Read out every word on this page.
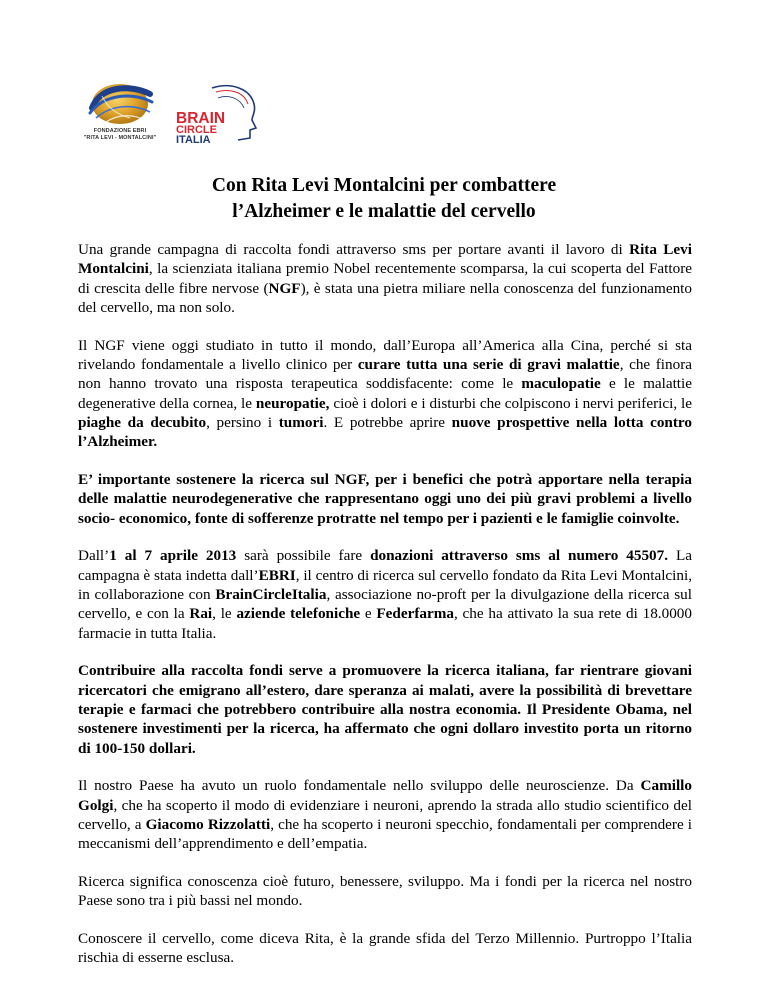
FONDAZIONE EBRI
"RITA LEVI - MONTALCINI"
BRAIN
CIRCLE
ITALIA
Con Rita Levi Montalcini per combattere
l’Alzheimer e le malattie del cervello

Una grande campagna di raccolta fondi attraverso sms per portare avanti il lavoro di Rita Levi Montalcini, la scienziata italiana premio Nobel recentemente scomparsa, la cui scoperta del Fattore di crescita delle fibre nervose (NGF), è stata una pietra miliare nella conoscenza del funzionamento del cervello, ma non solo.

Il NGF viene oggi studiato in tutto il mondo, dall’Europa all’America alla Cina, perché si sta rivelando fondamentale a livello clinico per curare tutta una serie di gravi malattie, che finora non hanno trovato una risposta terapeutica soddisfacente: come le maculopatie e le malattie degenerative della cornea, le neuropatie, cioè i dolori e i disturbi che colpiscono i nervi periferici, le piaghe da decubito, persino i tumori. E potrebbe aprire nuove prospettive nella lotta contro l’Alzheimer.

E’ importante sostenere la ricerca sul NGF, per i benefici che potrà apportare nella terapia delle malattie neurodegenerative che rappresentano oggi uno dei più gravi problemi a livello socio- economico, fonte di sofferenze protratte nel tempo per i pazienti e le famiglie coinvolte.

Dall’1 al 7 aprile 2013 sarà possibile fare donazioni attraverso sms al numero 45507. La campagna è stata indetta dall’EBRI, il centro di ricerca sul cervello fondato da Rita Levi Montalcini, in collaborazione con BrainCircleItalia, associazione no-proft per la divulgazione della ricerca sul cervello, e con la Rai, le aziende telefoniche e Federfarma, che ha attivato la sua rete di 18.0000 farmacie in tutta Italia.

Contribuire alla raccolta fondi serve a promuovere la ricerca italiana, far rientrare giovani ricercatori che emigrano all’estero, dare speranza ai malati, avere la possibilità di brevettare terapie e farmaci che potrebbero contribuire alla nostra economia. Il Presidente Obama, nel sostenere investimenti per la ricerca, ha affermato che ogni dollaro investito porta un ritorno di 100-150 dollari.

Il nostro Paese ha avuto un ruolo fondamentale nello sviluppo delle neuroscienze. Da Camillo Golgi, che ha scoperto il modo di evidenziare i neuroni, aprendo la strada allo studio scientifico del cervello, a Giacomo Rizzolatti, che ha scoperto i neuroni specchio, fondamentali per comprendere i meccanismi dell’apprendimento e dell’empatia.

Ricerca significa conoscenza cioè futuro, benessere, sviluppo. Ma i fondi per la ricerca nel nostro Paese sono tra i più bassi nel mondo.

Conoscere il cervello, come diceva Rita, è la grande sfida del Terzo Millennio. Purtroppo l’Italia rischia di esserne esclusa.
